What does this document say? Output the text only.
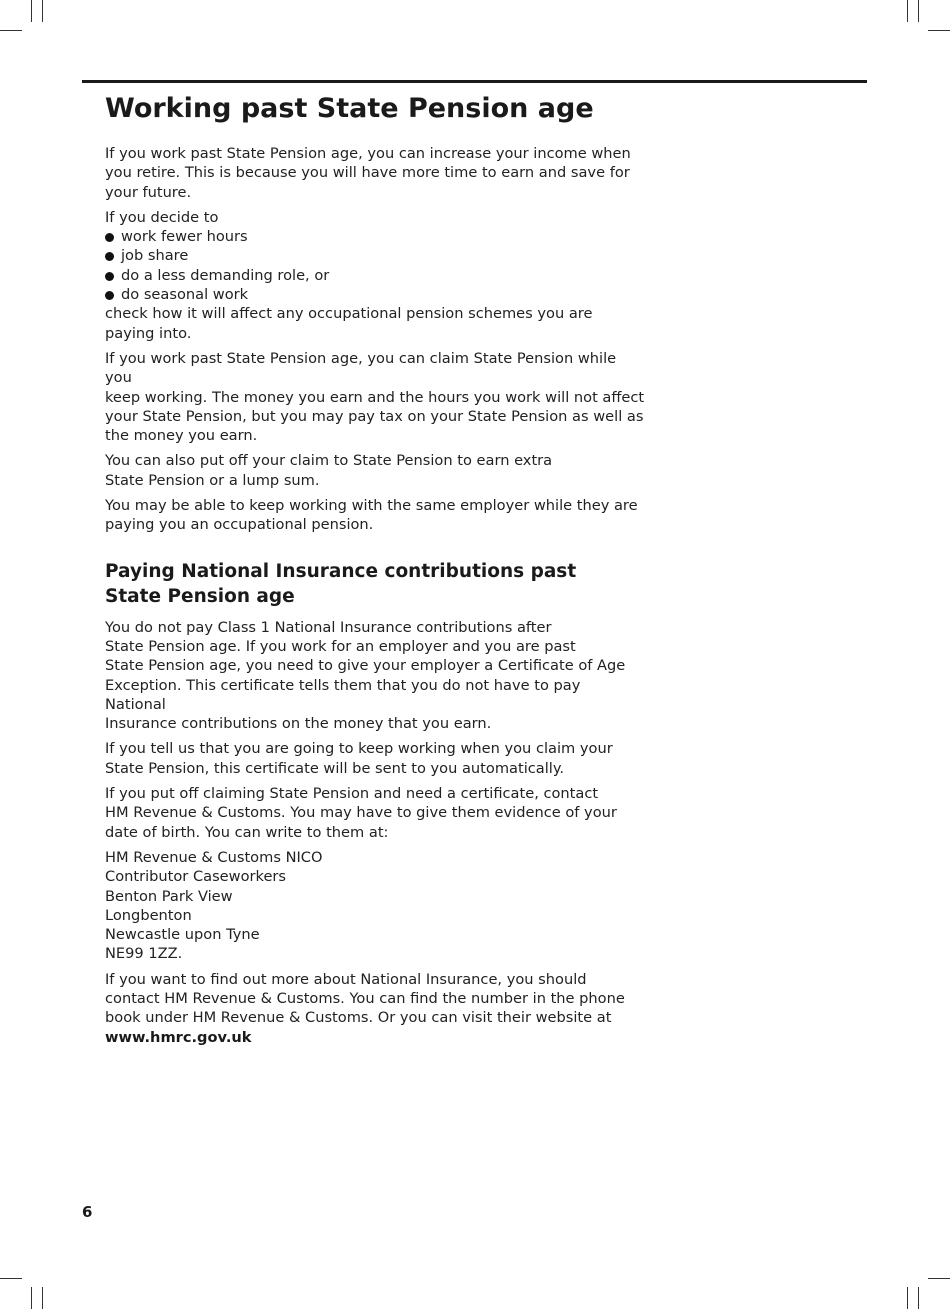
Working past State Pension age

If you work past State Pension age, you can increase your income when
you retire. This is because you will have more time to earn and save for
your future.

If you decide to

work fewer hours
job share
do a less demanding role, or
do seasonal work

check how it will affect any occupational pension schemes you are
paying into.

If you work past State Pension age, you can claim State Pension while you
keep working. The money you earn and the hours you work will not affect
your State Pension, but you may pay tax on your State Pension as well as
the money you earn.

You can also put off your claim to State Pension to earn extra
State Pension or a lump sum.

You may be able to keep working with the same employer while they are
paying you an occupational pension.

Paying National Insurance contributions past
State Pension age

You do not pay Class 1 National Insurance contributions after
State Pension age. If you work for an employer and you are past
State Pension age, you need to give your employer a Certificate of Age
Exception. This certificate tells them that you do not have to pay National
Insurance contributions on the money that you earn.

If you tell us that you are going to keep working when you claim your
State Pension, this certificate will be sent to you automatically.

If you put off claiming State Pension and need a certificate, contact
HM Revenue & Customs. You may have to give them evidence of your
date of birth. You can write to them at:

HM Revenue & Customs NICO
Contributor Caseworkers
Benton Park View
Longbenton
Newcastle upon Tyne
NE99 1ZZ.

If you want to find out more about National Insurance, you should
contact HM Revenue & Customs. You can find the number in the phone
book under HM Revenue & Customs. Or you can visit their website at
www.hmrc.gov.uk

6
